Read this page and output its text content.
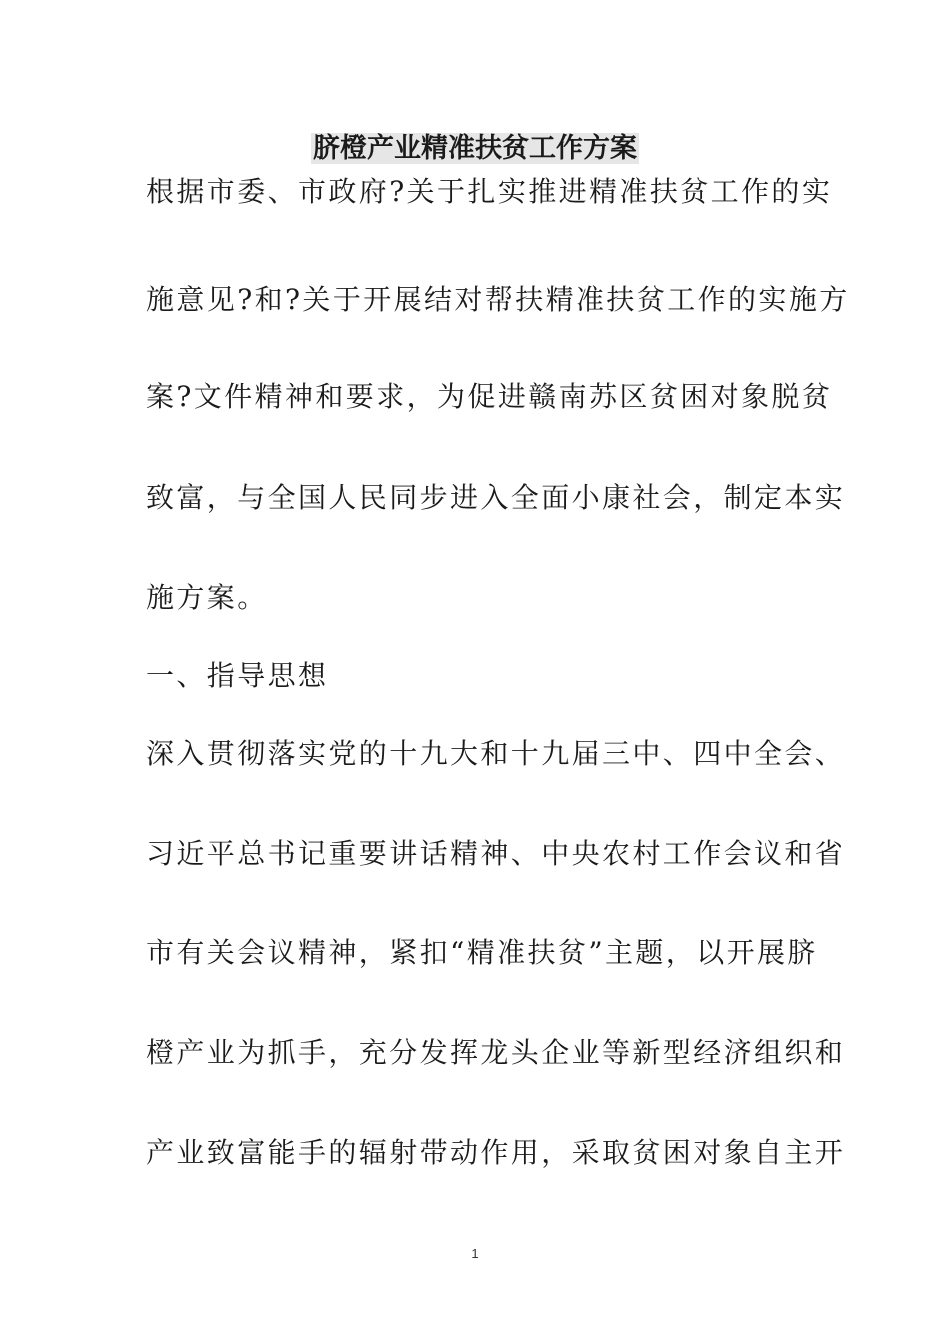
脐橙产业精准扶贫工作方案
根据市委、市政府?关于扎实推进精准扶贫工作的实
施意见?和?关于开展结对帮扶精准扶贫工作的实施方
案?文件精神和要求，为促进赣南苏区贫困对象脱贫
致富，与全国人民同步进入全面小康社会，制定本实
施方案。
一、指导思想
深入贯彻落实党的十九大和十九届三中、四中全会、
习近平总书记重要讲话精神、中央农村工作会议和省
市有关会议精神，紧扣“精准扶贫”主题，以开展脐
橙产业为抓手，充分发挥龙头企业等新型经济组织和
产业致富能手的辐射带动作用，采取贫困对象自主开
1
